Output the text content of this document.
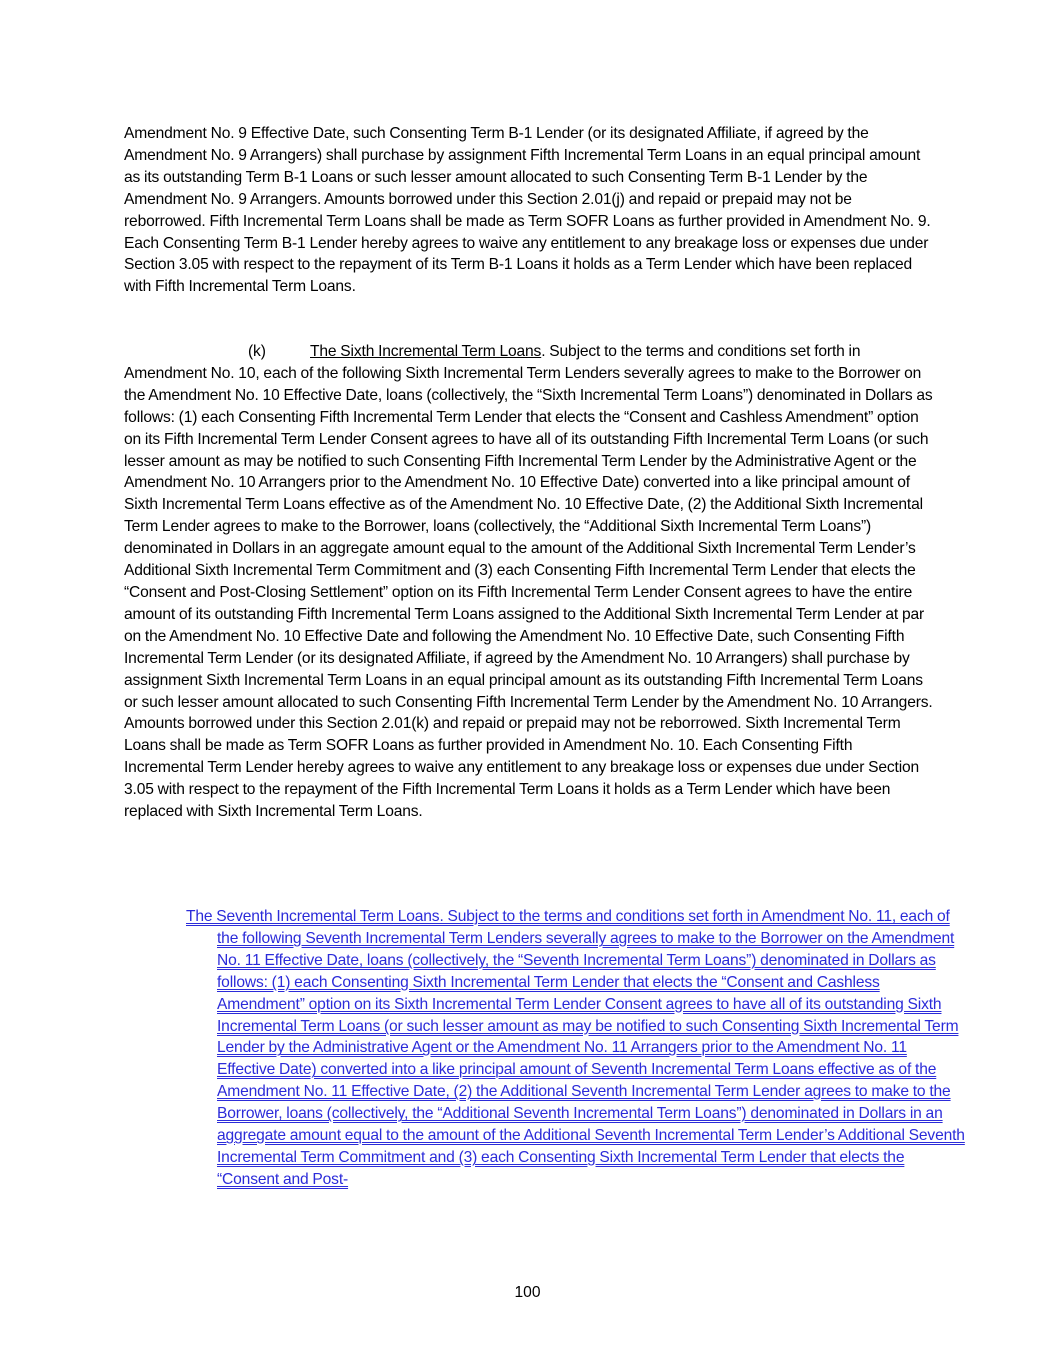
Amendment No. 9 Effective Date, such Consenting Term B-1 Lender (or its designated Affiliate, if agreed by the Amendment No. 9 Arrangers) shall purchase by assignment Fifth Incremental Term Loans in an equal principal amount as its outstanding Term B-1 Loans or such lesser amount allocated to such Consenting Term B-1 Lender by the Amendment No. 9 Arrangers. Amounts borrowed under this Section 2.01(j) and repaid or prepaid may not be reborrowed. Fifth Incremental Term Loans shall be made as Term SOFR Loans as further provided in Amendment No. 9. Each Consenting Term B-1 Lender hereby agrees to waive any entitlement to any breakage loss or expenses due under Section 3.05 with respect to the repayment of its Term B-1 Loans it holds as a Term Lender which have been replaced with Fifth Incremental Term Loans.
(k)	The Sixth Incremental Term Loans. Subject to the terms and conditions set forth in Amendment No. 10, each of the following Sixth Incremental Term Lenders severally agrees to make to the Borrower on the Amendment No. 10 Effective Date, loans (collectively, the “Sixth Incremental Term Loans”) denominated in Dollars as follows: (1) each Consenting Fifth Incremental Term Lender that elects the “Consent and Cashless Amendment” option on its Fifth Incremental Term Lender Consent agrees to have all of its outstanding Fifth Incremental Term Loans (or such lesser amount as may be notified to such Consenting Fifth Incremental Term Lender by the Administrative Agent or the Amendment No. 10 Arrangers prior to the Amendment No. 10 Effective Date) converted into a like principal amount of Sixth Incremental Term Loans effective as of the Amendment No. 10 Effective Date, (2) the Additional Sixth Incremental Term Lender agrees to make to the Borrower, loans (collectively, the “Additional Sixth Incremental Term Loans”) denominated in Dollars in an aggregate amount equal to the amount of the Additional Sixth Incremental Term Lender’s Additional Sixth Incremental Term Commitment and (3) each Consenting Fifth Incremental Term Lender that elects the “Consent and Post-Closing Settlement” option on its Fifth Incremental Term Lender Consent agrees to have the entire amount of its outstanding Fifth Incremental Term Loans assigned to the Additional Sixth Incremental Term Lender at par on the Amendment No. 10 Effective Date and following the Amendment No. 10 Effective Date, such Consenting Fifth Incremental Term Lender (or its designated Affiliate, if agreed by the Amendment No. 10 Arrangers) shall purchase by assignment Sixth Incremental Term Loans in an equal principal amount as its outstanding Fifth Incremental Term Loans or such lesser amount allocated to such Consenting Fifth Incremental Term Lender by the Amendment No. 10 Arrangers. Amounts borrowed under this Section 2.01(k) and repaid or prepaid may not be reborrowed. Sixth Incremental Term Loans shall be made as Term SOFR Loans as further provided in Amendment No. 10. Each Consenting Fifth Incremental Term Lender hereby agrees to waive any entitlement to any breakage loss or expenses due under Section 3.05 with respect to the repayment of the Fifth Incremental Term Loans it holds as a Term Lender which have been replaced with Sixth Incremental Term Loans.
The Seventh Incremental Term Loans. Subject to the terms and conditions set forth in Amendment No. 11, each of the following Seventh Incremental Term Lenders severally agrees to make to the Borrower on the Amendment No. 11 Effective Date, loans (collectively, the “Seventh Incremental Term Loans”) denominated in Dollars as follows: (1) each Consenting Sixth Incremental Term Lender that elects the “Consent and Cashless Amendment” option on its Sixth Incremental Term Lender Consent agrees to have all of its outstanding Sixth Incremental Term Loans (or such lesser amount as may be notified to such Consenting Sixth Incremental Term Lender by the Administrative Agent or the Amendment No. 11 Arrangers prior to the Amendment No. 11 Effective Date) converted into a like principal amount of Seventh Incremental Term Loans effective as of the Amendment No. 11 Effective Date, (2) the Additional Seventh Incremental Term Lender agrees to make to the Borrower, loans (collectively, the “Additional Seventh Incremental Term Loans”) denominated in Dollars in an aggregate amount equal to the amount of the Additional Seventh Incremental Term Lender’s Additional Seventh Incremental Term Commitment and (3) each Consenting Sixth Incremental Term Lender that elects the “Consent and Post-
100
